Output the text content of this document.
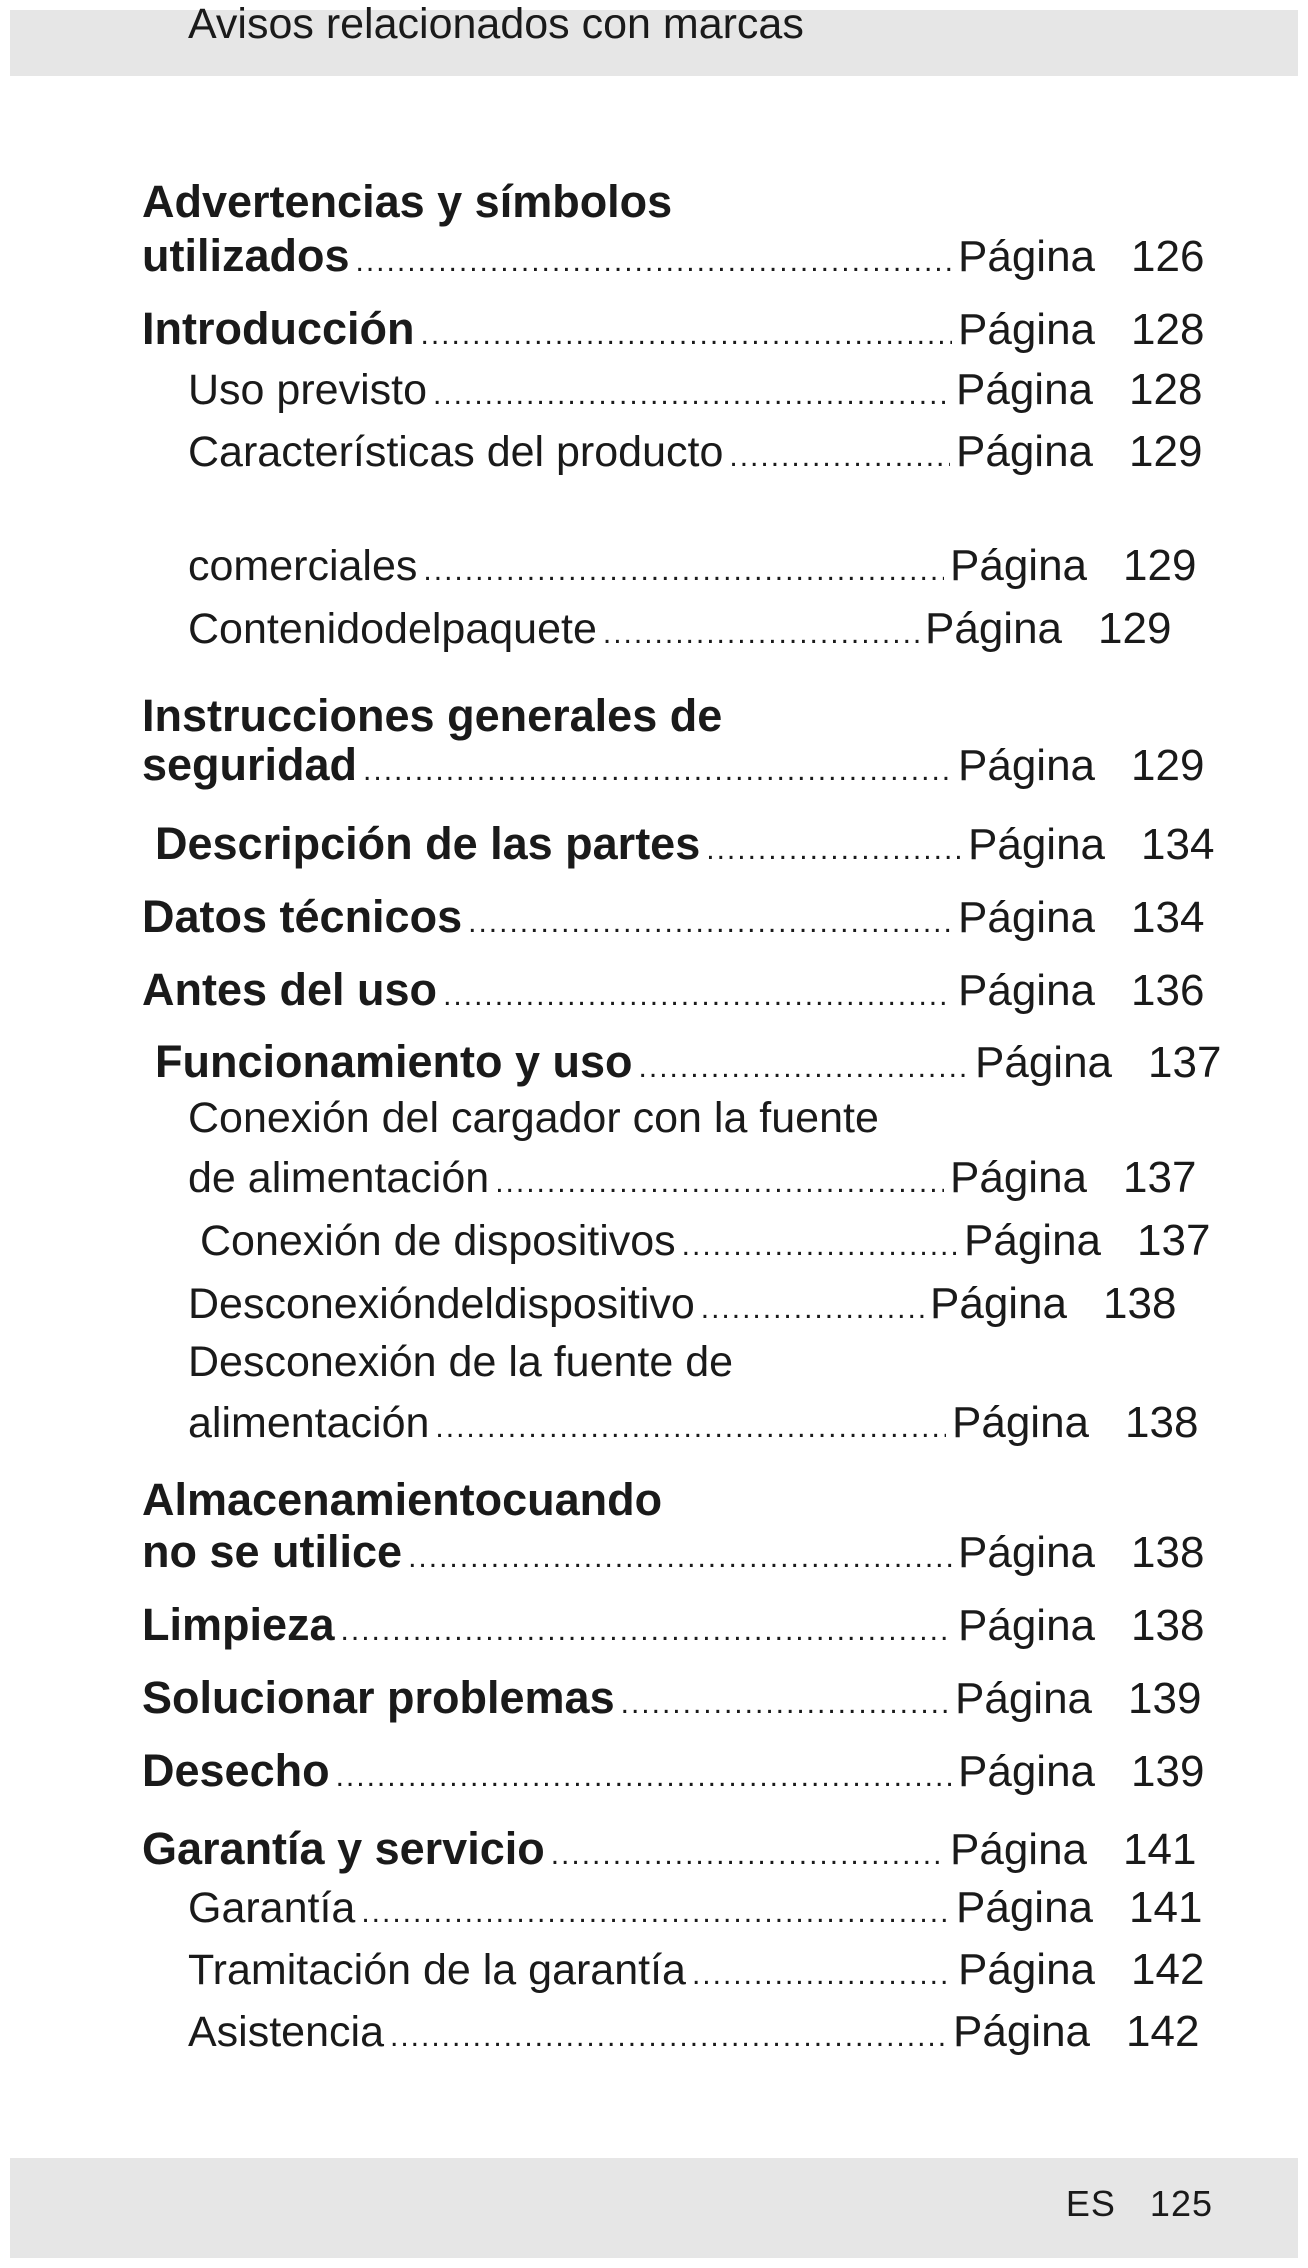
Advertencias y símbolos
utilizados .....	Página 126
Introducción .....	Página 128
Uso previsto .....	Página 128
Características del producto .....	Página 129
Avisos relacionados con marcas
comerciales .....	Página 129
Contenidodelpaquete .....	Página 129
Instrucciones generales de
seguridad .....	Página 129
Descripción de las partes .....	Página 134
Datos técnicos .....	Página 134
Antes del uso .....	Página 136
Funcionamiento y uso .....	Página 137
Conexión del cargador con la fuente
de alimentación .....	Página 137
Conexión de dispositivos .....	Página 137
Desconexióndeldispositivo .....	Página 138
Desconexión de la fuente de
alimentación .....	Página 138
Almacenamientocuando
no se utilice .....	Página 138
Limpieza .....	Página 138
Solucionar problemas .....	Página 139
Desecho .....	Página 139
Garantía y servicio .....	Página 141
Garantía .....	Página 141
Tramitación de la garantía .....	Página 142
Asistencia .....	Página 142
ES 125
